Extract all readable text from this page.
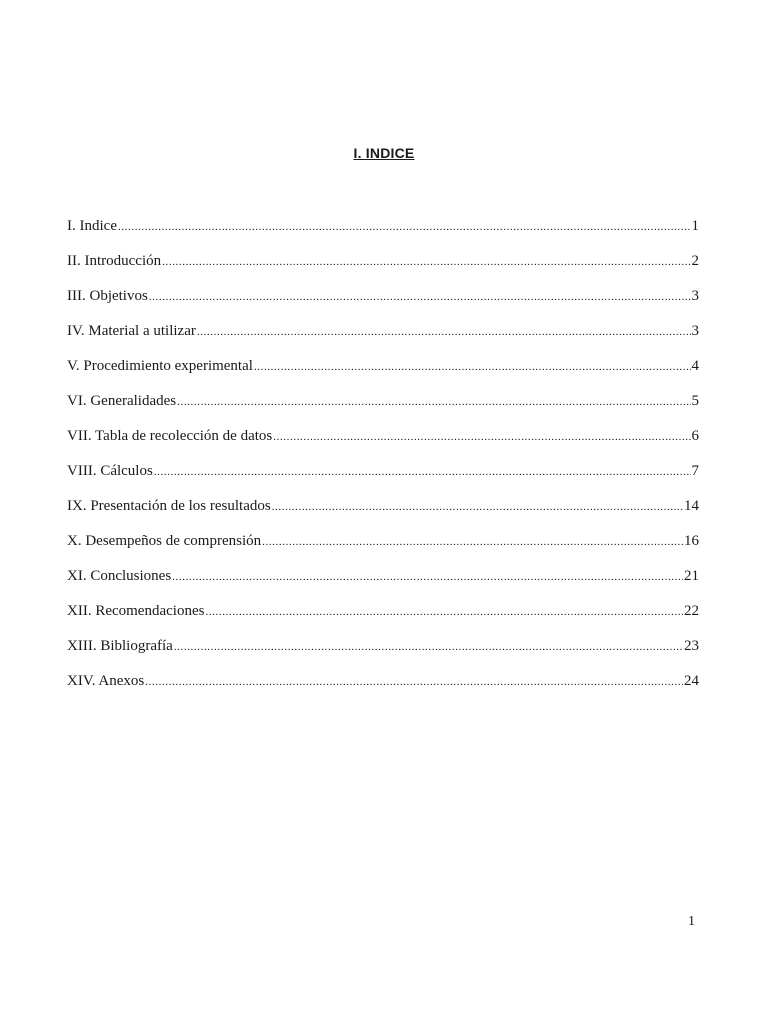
I. INDICE
I. Indice .....	1
II. Introducción .....	2
III. Objetivos .....	3
IV. Material a utilizar .....	3
V. Procedimiento experimental .....	4
VI. Generalidades .....	5
VII. Tabla de recolección de datos .....	6
VIII. Cálculos .....	7
IX. Presentación de los resultados .....	14
X. Desempeños de comprensión .....	16
XI. Conclusiones .....	21
XII. Recomendaciones .....	22
XIII. Bibliografía .....	23
XIV. Anexos .....	24
1
